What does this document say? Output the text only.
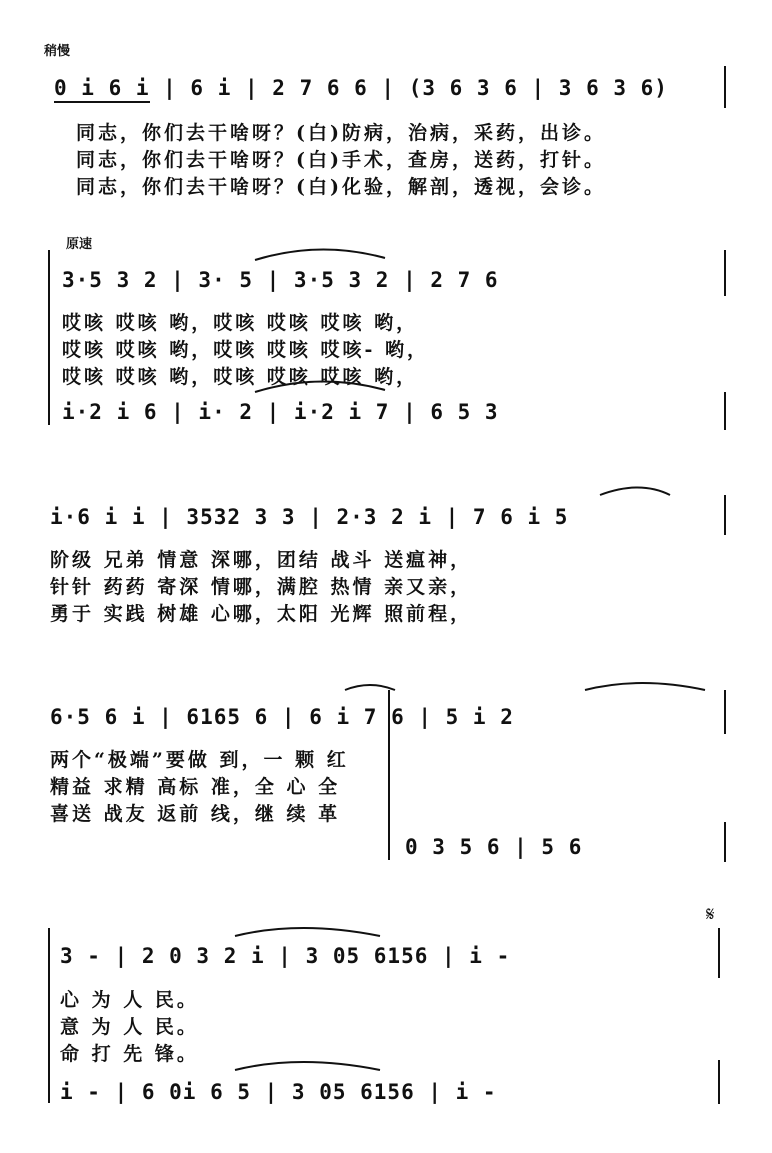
稍慢
0 i 6 i | 6 i | 2 7 6 6 | (3 6 3 6 | 3 6 3 6)
同志，你们去干啥呀？(白)防病，治病，采药，出诊。
同志，你们去干啥呀？(白)手术，查房，送药，打针。
同志，你们去干啥呀？(白)化验，解剖，透视，会诊。
原速
3·5 3 2 | 3· 5 | 3·5 3 2 | 2 7 6
哎咳 哎咳 哟，哎咳 哎咳 哎咳 哟，
哎咳 哎咳 哟，哎咳 哎咳 哎咳- 哟，
哎咳 哎咳 哟，哎咳 哎咳 哎咳 哟，
i·2 i 6 | i· 2 | i·2 i 7 | 6 5 3
i·6 i i | 3532 3 3 | 2·3 2 i | 7 6 i 5
阶级 兄弟 情意 深哪，团结 战斗 送瘟神，
针针 药药 寄深 情哪，满腔 热情 亲又亲，
勇于 实践 树雄 心哪，太阳 光辉 照前程，
6·5 6 i | 6165 6 | 6 i 7 6 | 5 i 2
两个“极端”要做 到，一 颗 红
精益 求精 高标 准，全 心 全
喜送 战友 返前 线，继 续 革
0 3 5 6 | 5 6
𝄋
3 - | 2 0 3 2 i | 3 05 6156 | i -
心 为 人 民。
意 为 人 民。
命 打 先 锋。
i - | 6 0i 6 5 | 3 05 6156 | i -
